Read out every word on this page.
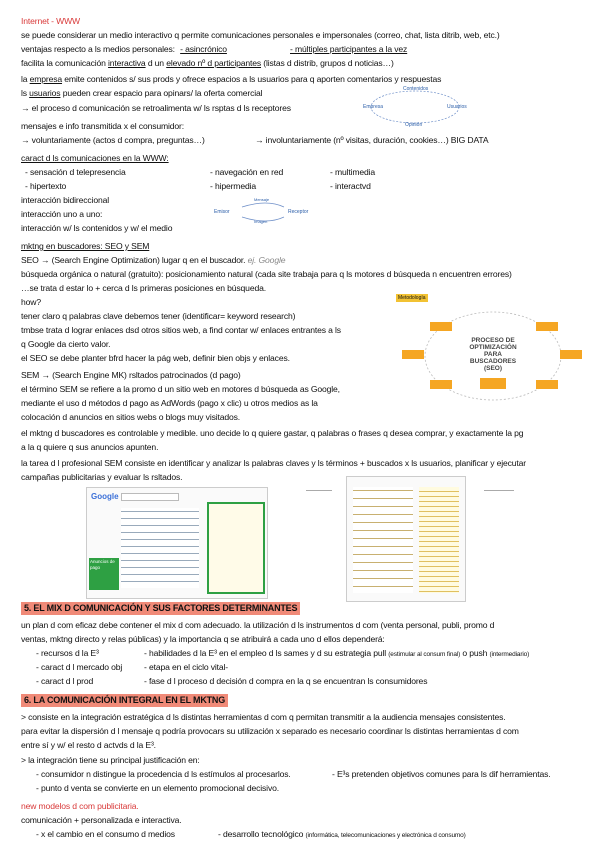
Internet - WWW
se puede considerar un medio interactivo q permite comunicaciones personales e impersonales (correo, chat, lista ditrib, web, etc.)
ventajas respecto a ls medios personales: - asincrónico	- múltiples participantes a la vez
facilita la comunicación interactiva d un elevado nº d participantes (listas d distrib, grupos d noticias…)
la empresa emite contenidos s/ sus prods y ofrece espacios a ls usuarios para q aporten comentarios y respuestas
ls usuarios pueden crear espacio para opinars/ la oferta comercial
→ el proceso d comunicación se retroalimenta w/ ls rsptas d ls receptores
mensajes e info transmitida x el consumidor:
→ voluntariamente (actos d compra, preguntas…)	→ involuntariamente (nº visitas, duración, cookies…) BIG DATA
caract d ls comunicaciones en la WWW:
- sensación d telepresencia	- navegación en red	- multimedia
- hipertexto	- hipermedia	- interactvd
interacción bidireccional
interacción uno a uno:
interacción w/ ls contenidos y w/ el medio
Contenidos
Empresa	Usuarios
Opinión
Emisor
Mensaje
Receptor
Imagen
mktng en buscadores: SEO y SEM
SEO → (Search Engine Optimization) lugar q en el buscador. ej. Google
búsqueda orgánica o natural (gratuito): posicionamiento natural (cada site trabaja para q ls motores d búsqueda n encuentren errores)
…se trata d estar lo + cerca d ls primeras posiciones en búsqueda.
how?
tener claro q palabras clave debemos tener (identificar= keyword research)
tmbse trata d lograr enlaces dsd otros sitios web, a find contar w/ enlaces entrantes a ls
q Google da cierto valor.
el SEO se debe planter bfrd hacer la pág web, definir bien objs y enlaces.
SEM → (Search Engine MK) rsltados patrocinados (d pago)
el término SEM se refiere a la promo d un sitio web en motores d búsqueda as Google,
mediante el uso d métodos d pago as AdWords (pago x clic) u otros medios as la
colocación d anuncios en sitios webs o blogs muy visitados.
el mktng d buscadores es controlable y medible. uno decide lo q quiere gastar, q palabras o frases q desea comprar, y exactamente la pg
a la q quiere q sus anuncios apunten.
la tarea d l profesional SEM consiste en identificar y analizar ls palabras claves y ls términos + buscados x ls usuarios, planificar y ejecutar
campañas publicitarias y evaluar ls rsltados.
Metodología
PROCESO DE
OPTIMIZACIÓN
PARA
BUSCADORES
(SEO)
Google
Anuncios de pago
5. EL MIX D COMUNICACIÓN Y SUS FACTORES DETERMINANTES
un plan d com eficaz debe contener el mix d com adecuado. la utilización d ls instrumentos d com (venta personal, publi, promo d
ventas, mktng directo y relas públicas) y la importancia q se atribuirá a cada uno d ellos dependerá:
- recursos d la E³	- habilidades d la E³ en el empleo d ls sames y d su estrategia pull (estimular al consum final) o push (intermediario)
- caract d l mercado obj	- etapa en el ciclo vital-
- caract d l prod	- fase d l proceso d decisión d compra en la q se encuentran ls consumidores
6. LA COMUNICACIÓN INTEGRAL EN EL MKTNG
> consiste en la integración estratégica d ls distintas herramientas d com q permitan transmitir a la audiencia mensajes consistentes.
para evitar la dispersión d l mensaje q podría provocars su utilización x separado es necesario coordinar ls distintas herramientas d com
entre sí y w/ el resto d actvds d la E³.
> la integración tiene su principal justificación en:
- consumidor n distingue la procedencia d ls estímulos al procesarlos.	- E³s pretenden objetivos comunes para ls dif herramientas.
- punto d venta se convierte en un elemento promocional decisivo.
new modelos d com publicitaria.
comunicación + personalizada e interactiva.
- x el cambio en el consumo d medios	- desarrollo tecnológico (informática, telecomunicaciones y electrónica d consumo)
